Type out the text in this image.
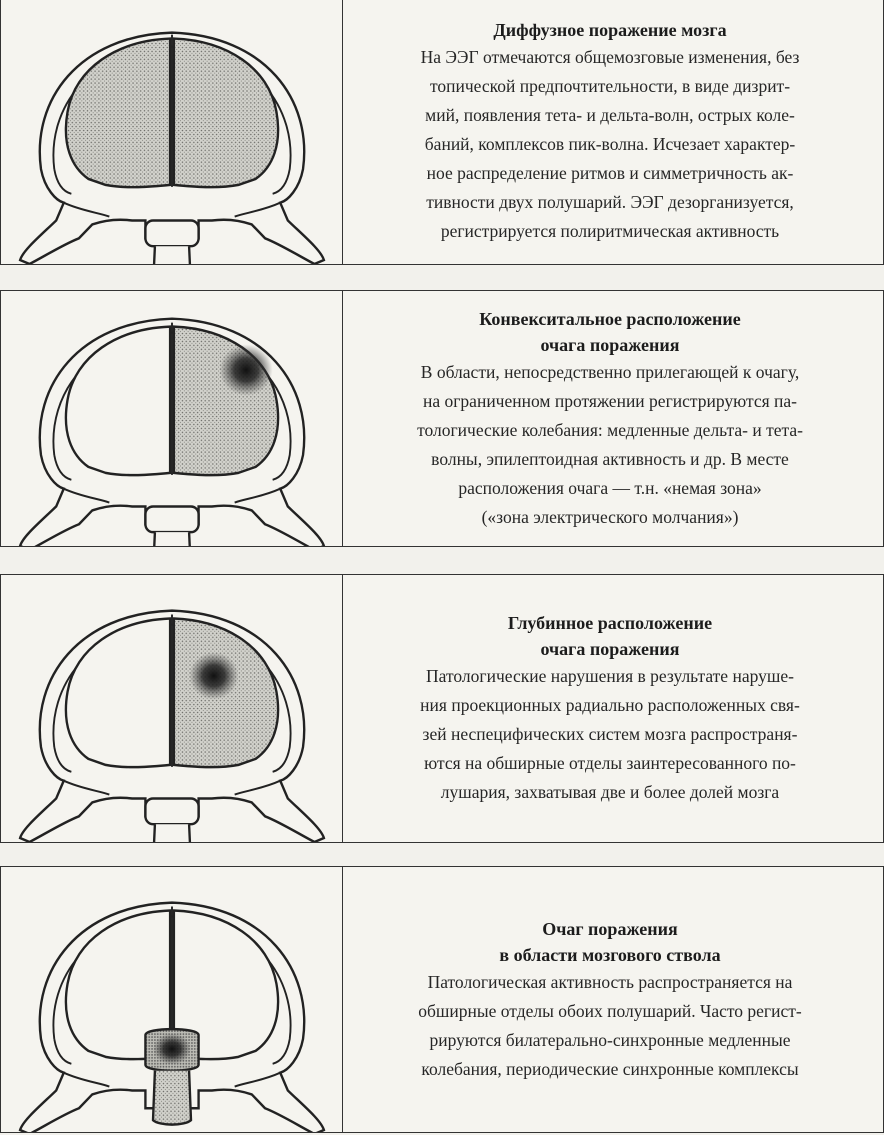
Диффузное поражение мозга
На ЭЭГ отмечаются общемозговые изменения, без
топической предпочтительности, в виде дизрит-
мий, появления тета- и дельта-волн, острых коле-
баний, комплексов пик-волна. Исчезает характер-
ное распределение ритмов и симметричность ак-
тивности двух полушарий. ЭЭГ дезорганизуется,
регистрируется полиритмическая активность
Конвекситальное расположение
очага поражения
В области, непосредственно прилегающей к очагу,
на ограниченном протяжении регистрируются па-
тологические колебания: медленные дельта- и тета-
волны, эпилептоидная активность и др. В месте
расположения очага — т.н. «немая зона»
(«зона электрического молчания»)
Глубинное расположение
очага поражения
Патологические нарушения в результате наруше-
ния проекционных радиально расположенных свя-
зей неспецифических систем мозга распространя-
ются на обширные отделы заинтересованного по-
лушария, захватывая две и более долей мозга
Очаг поражения
в области мозгового ствола
Патологическая активность распространяется на
обширные отделы обоих полушарий. Часто регист-
рируются билатерально-синхронные медленные
колебания, периодические синхронные комплексы
